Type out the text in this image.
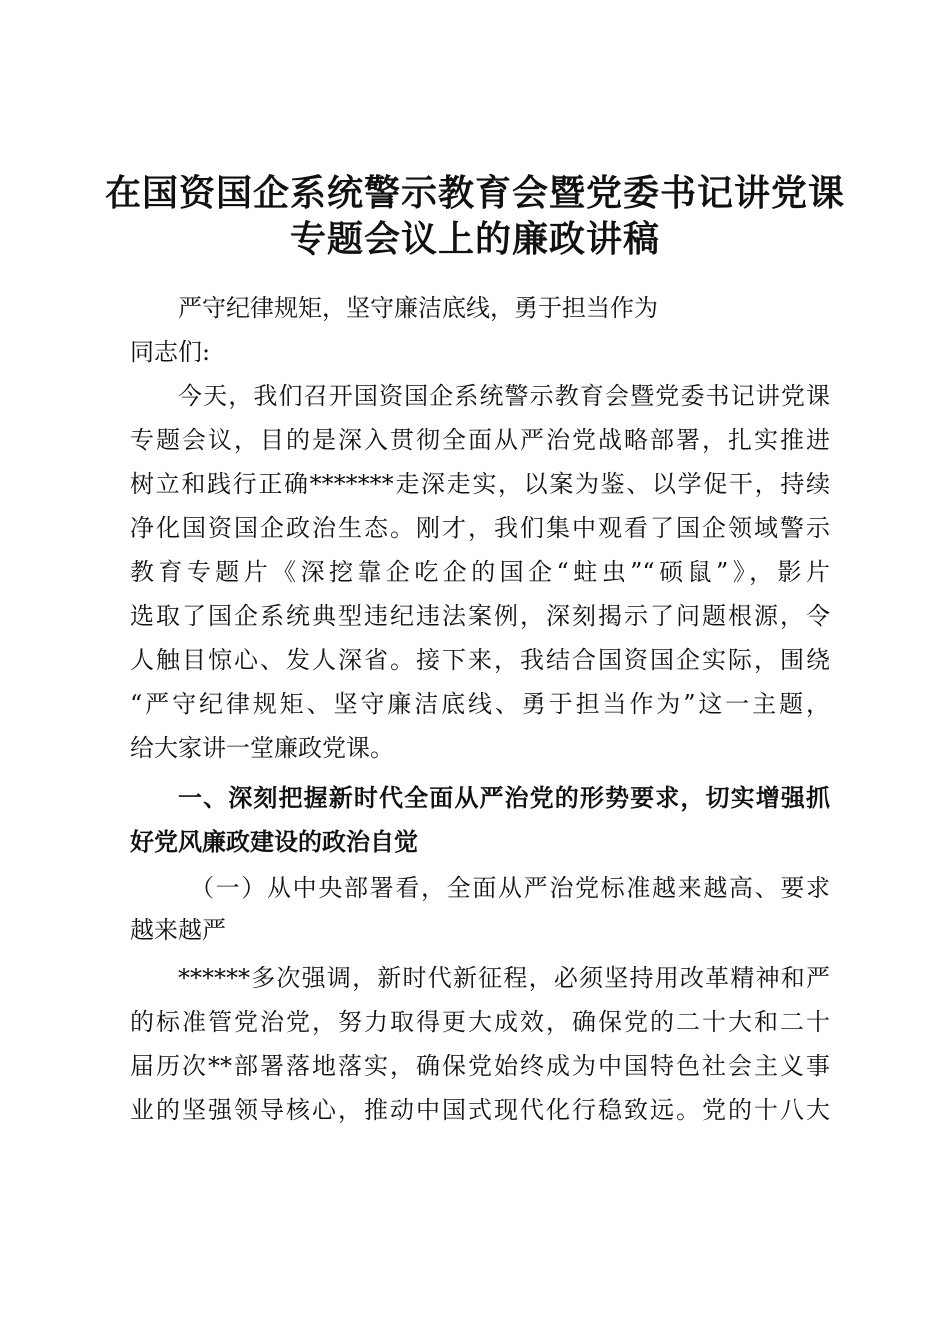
在国资国企系统警示教育会暨党委书记讲党课
专题会议上的廉政讲稿
严守纪律规矩，坚守廉洁底线，勇于担当作为
同志们:
今天，我们召开国资国企系统警示教育会暨党委书记讲党课
专题会议，目的是深入贯彻全面从严治党战略部署，扎实推进
树立和践行正确*******走深走实，以案为鉴、以学促干，持续
净化国资国企政治生态。刚才，我们集中观看了国企领域警示
教育专题片《深挖靠企吃企的国企“蛀虫”“硕鼠”》，影片
选取了国企系统典型违纪违法案例，深刻揭示了问题根源，令
人触目惊心、发人深省。接下来，我结合国资国企实际，围绕
“严守纪律规矩、坚守廉洁底线、勇于担当作为”这一主题，
给大家讲一堂廉政党课。
一、深刻把握新时代全面从严治党的形势要求，切实增强抓
好党风廉政建设的政治自觉
（一）从中央部署看，全面从严治党标准越来越高、要求
越来越严
******多次强调，新时代新征程，必须坚持用改革精神和严
的标准管党治党，努力取得更大成效，确保党的二十大和二十
届历次**部署落地落实，确保党始终成为中国特色社会主义事
业的坚强领导核心，推动中国式现代化行稳致远。党的十八大
